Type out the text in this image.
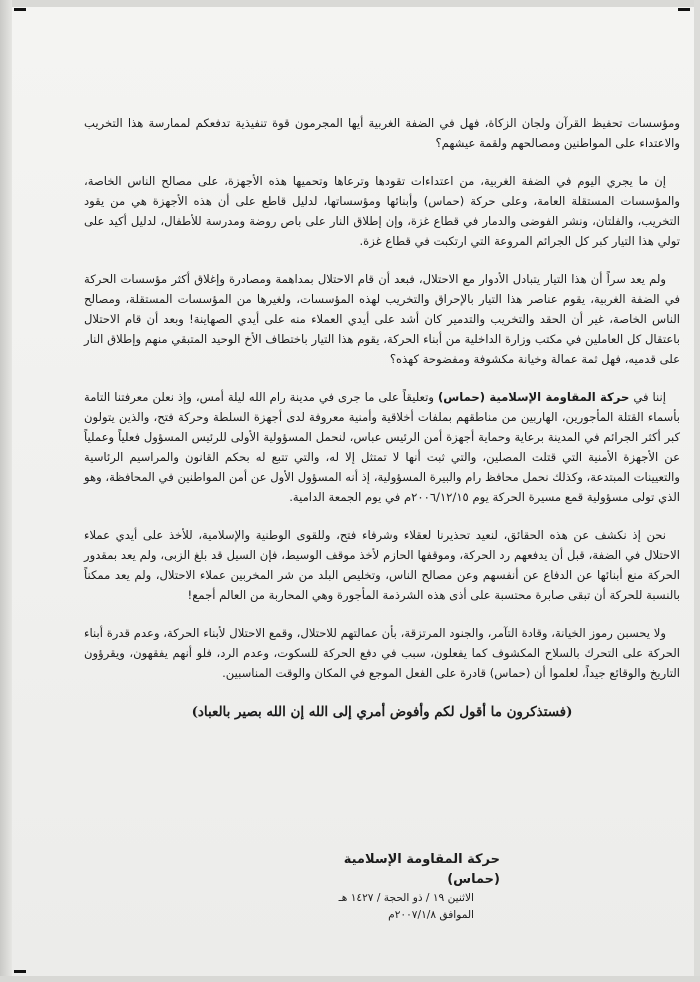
ومؤسسات تحفيظ القرآن ولجان الزكاة، فهل في الضفة الغربية أيها المجرمون قوة تنفيذية تدفعكم لممارسة هذا التخريب والاعتداء على المواطنين ومصالحهم ولقمة عيشهم؟

إن ما يجري اليوم في الضفة الغربية، من اعتداءات تقودها وترعاها وتحميها هذه الأجهزة، على مصالح الناس الخاصة، والمؤسسات المستقلة العامة، وعلى حركة (حماس) وأبنائها ومؤسساتها، لدليل قاطع على أن هذه الأجهزة هي من يقود التخريب، والفلتان، ونشر الفوضى والدمار في قطاع غزة، وإن إطلاق النار على باص روضة ومدرسة للأطفال، لدليل أكيد على تولي هذا التيار كبر كل الجرائم المروعة التي ارتكبت في قطاع غزة.

ولم يعد سراً أن هذا التيار يتبادل الأدوار مع الاحتلال، فبعد أن قام الاحتلال بمداهمة ومصادرة وإغلاق أكثر مؤسسات الحركة في الضفة الغربية، يقوم عناصر هذا التيار بالإحراق والتخريب لهذه المؤسسات، ولغيرها من المؤسسات المستقلة، ومصالح الناس الخاصة، غير أن الحقد والتخريب والتدمير كان أشد على أيدي العملاء منه على أيدي الصهاينة! وبعد أن قام الاحتلال باعتقال كل العاملين في مكتب وزارة الداخلية من أبناء الحركة، يقوم هذا التيار باختطاف الأخ الوحيد المتبقي منهم وإطلاق النار على قدميه، فهل ثمة عمالة وخيانة مكشوفة ومفضوحة كهذه؟

إننا في حركة المقاومة الإسلامية (حماس) وتعليقاً على ما جرى في مدينة رام الله ليلة أمس، وإذ نعلن معرفتنا التامة بأسماء القتلة المأجورين، الهاربين من مناطقهم بملفات أخلاقية وأمنية معروفة لدى أجهزة السلطة وحركة فتح، والذين يتولون كبر أكثر الجرائم في المدينة برعاية وحماية أجهزة أمن الرئيس عباس، لنحمل المسؤولية الأولى للرئيس المسؤول فعلياً وعملياً عن الأجهزة الأمنية التي قتلت المصلين، والتي ثبت أنها لا تمتثل إلا له، والتي تتبع له بحكم القانون والمراسيم الرئاسية والتعيينات المبتدعة، وكذلك نحمل محافظ رام والبيرة المسؤولية، إذ أنه المسؤول الأول عن أمن المواطنين في المحافظة، وهو الذي تولى مسؤولية قمع مسيرة الحركة يوم ٢٠٠٦/١٢/١٥م في يوم الجمعة الدامية.

نحن إذ نكشف عن هذه الحقائق، لنعيد تحذيرنا لعقلاء وشرفاء فتح، وللقوى الوطنية والإسلامية، للأخذ على أيدي عملاء الاحتلال في الضفة، قبل أن يدفعهم رد الحركة، وموقفها الحازم لأخذ موقف الوسيط، فإن السيل قد بلغ الزبى، ولم يعد بمقدور الحركة منع أبنائها عن الدفاع عن أنفسهم وعن مصالح الناس، وتخليص البلد من شر المخربين عملاء الاحتلال، ولم يعد ممكناً بالنسبة للحركة أن تبقى صابرة محتسبة على أذى هذه الشرذمة المأجورة وهي المحاربة من العالم أجمع!

ولا يحسبن رموز الخيانة، وقادة التآمر، والجنود المرتزقة، بأن عمالتهم للاحتلال، وقمع الاحتلال لأبناء الحركة، وعدم قدرة أبناء الحركة على التحرك بالسلاح المكشوف كما يفعلون، سبب في دفع الحركة للسكوت، وعدم الرد، فلو أنهم يفقهون، ويقرؤون التاريخ والوقائع جيداً، لعلموا أن (حماس) قادرة على الفعل الموجع في المكان والوقت المناسبين.

(فستذكرون ما أقول لكم وأفوض أمري إلى الله إن الله بصير بالعباد)

حركة المقاومة الإسلامية (حماس)
الاثنين ١٩ / ذو الحجة / ١٤٢٧ هـ
الموافق ٢٠٠٧/١/٨م
